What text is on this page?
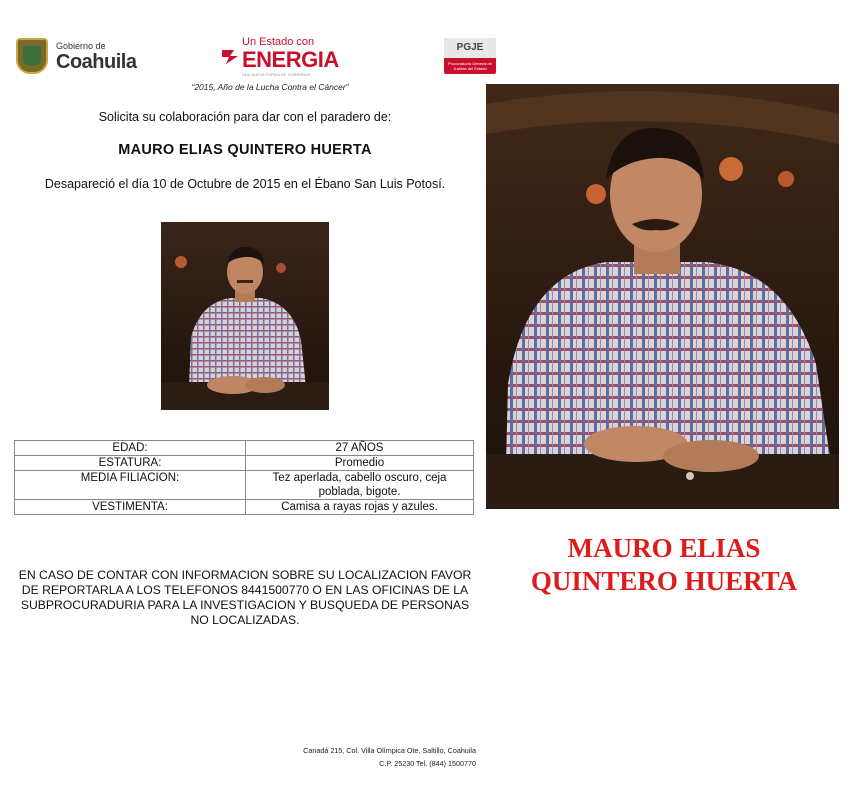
Gobierno de
Coahuila
Un Estado con
ENERGIA
UNA NUEVA FORMA DE GOBERNAR
PGJE
Procuraduría General de Justicia del Estado
“2015, Año de la Lucha Contra el Cáncer”
Solicita su colaboración para dar con el paradero de:
MAURO ELIAS QUINTERO HUERTA
Desapareció el día 10 de Octubre de 2015 en el Ébano San Luis Potosí.
EDAD:	27 AÑOS
ESTATURA:	Promedio
MEDIA FILIACION:	Tez aperlada, cabello oscuro, ceja poblada, bigote.
VESTIMENTA:	Camisa a rayas rojas y azules.
EN CASO DE CONTAR CON INFORMACION SOBRE SU LOCALIZACION FAVOR DE REPORTARLA A LOS TELEFONOS 8441500770 O EN LAS OFICINAS DE LA SUBPROCURADURIA PARA LA INVESTIGACION Y BUSQUEDA DE PERSONAS NO LOCALIZADAS.
MAURO ELIAS
QUINTERO HUERTA
Canadá 215, Col. Villa Olímpica Ote, Saltillo, Coahuila
C.P. 25230 Tel. (844) 1500770
